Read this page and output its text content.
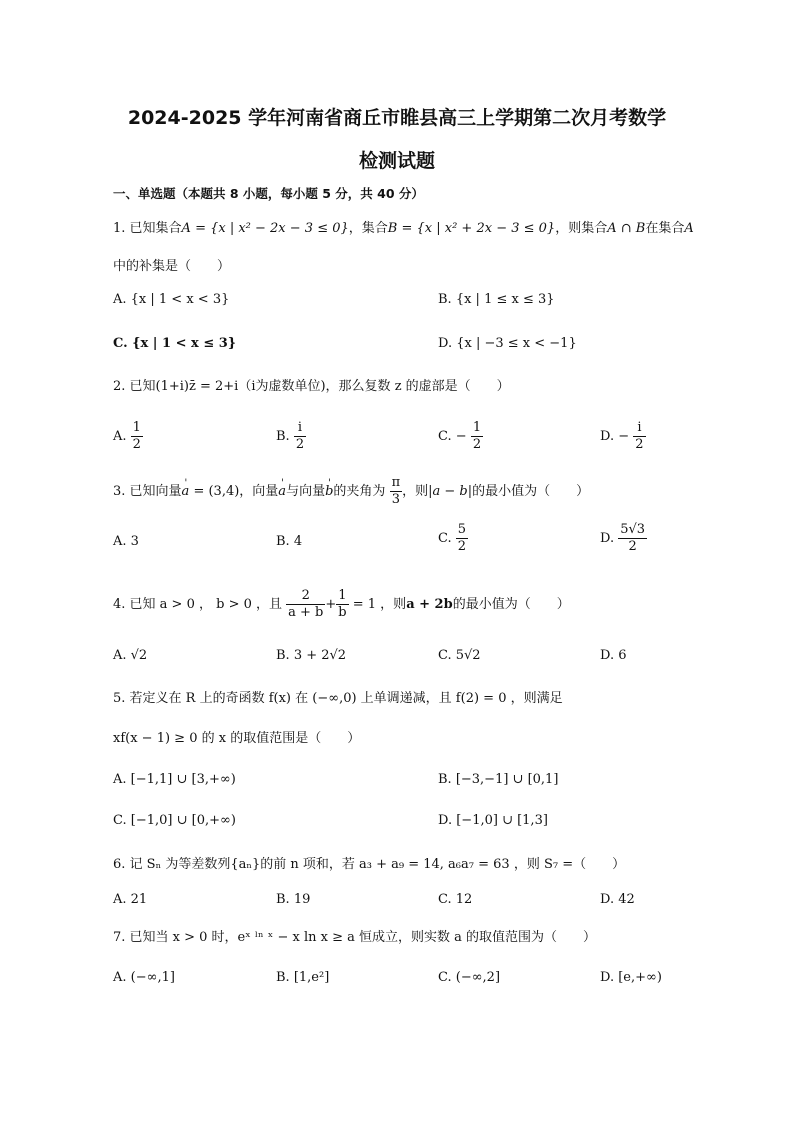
2024-2025 学年河南省商丘市睢县高三上学期第二次月考数学
检测试题
一、单选题（本题共 8 小题，每小题 5 分，共 40 分）
1. 已知集合A = {x | x² − 2x − 3 ≤ 0}，集合B = {x | x² + 2x − 3 ≤ 0}，则集合A ∩ B在集合A
中的补集是（　　）
A. {x | 1 < x < 3}	B. {x | 1 ≤ x ≤ 3}
C. {x | 1 < x ≤ 3}	D. {x | −3 ≤ x < −1}
2. 已知(1+i)z̄ = 2+i（i为虚数单位)，那么复数 z 的虚部是（　　）
A. $\frac{1}{2}$	B. $\frac{i}{2}$	C. − $\frac{1}{2}$	D. − $\frac{i}{2}$
3. 已知向量' a = (3,4)，向量' a与向量' b的夹角为 $\frac{\pi}{3}$ ，则|a − b|的最小值为（　　）
A. 3	B. 4	C. $\frac{5}{2}$	D. $\frac{5√3}{2}$
4. 已知 a > 0 ， b > 0 ，且 $\frac{2}{a + b} + \frac{1}{b} = 1$ ，则a + 2b的最小值为（　　）
A. √2	B. 3 + 2√2	C. 5√2	D. 6
5. 若定义在 R 上的奇函数 f(x) 在 (−∞,0) 上单调递减，且 f(2) = 0 ，则满足
xf(x − 1) ≥ 0 的 x 的取值范围是（　　）
A. [−1,1] ∪ [3,+∞)	B. [−3,−1] ∪ [0,1]
C. [−1,0] ∪ [0,+∞)	D. [−1,0] ∪ [1,3]
6. 记 Sₙ 为等差数列{aₙ}的前 n 项和，若 a₃ + a₉ = 14, a₆a₇ = 63 ，则 S₇ =（　　）
A. 21	B. 19	C. 12	D. 42
7. 已知当 x > 0 时，eˣ ˡⁿ ˣ − x ln x ≥ a 恒成立，则实数 a 的取值范围为（　　）
A. (−∞,1]	B. [1,e²]	C. (−∞,2]	D. [e,+∞)
